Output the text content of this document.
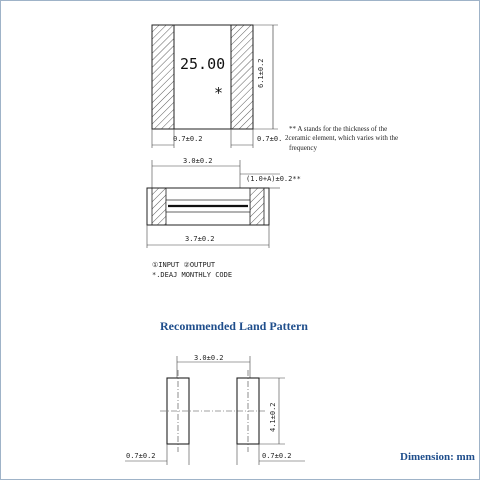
25.00
*
6.1±0.2
0.7±0.2	0.7±0.
** A stands for the thickness of the
2ceramic element, which varies with the
frequency
3.0±0.2
(1.0+A)±0.2**
3.7±0.2
①INPUT ②OUTPUT
*.DEAJ MONTHLY CODE
Recommended Land Pattern
3.0±0.2
4.1±0.2
0.7±0.2	0.7±0.2	Dimension: mm
